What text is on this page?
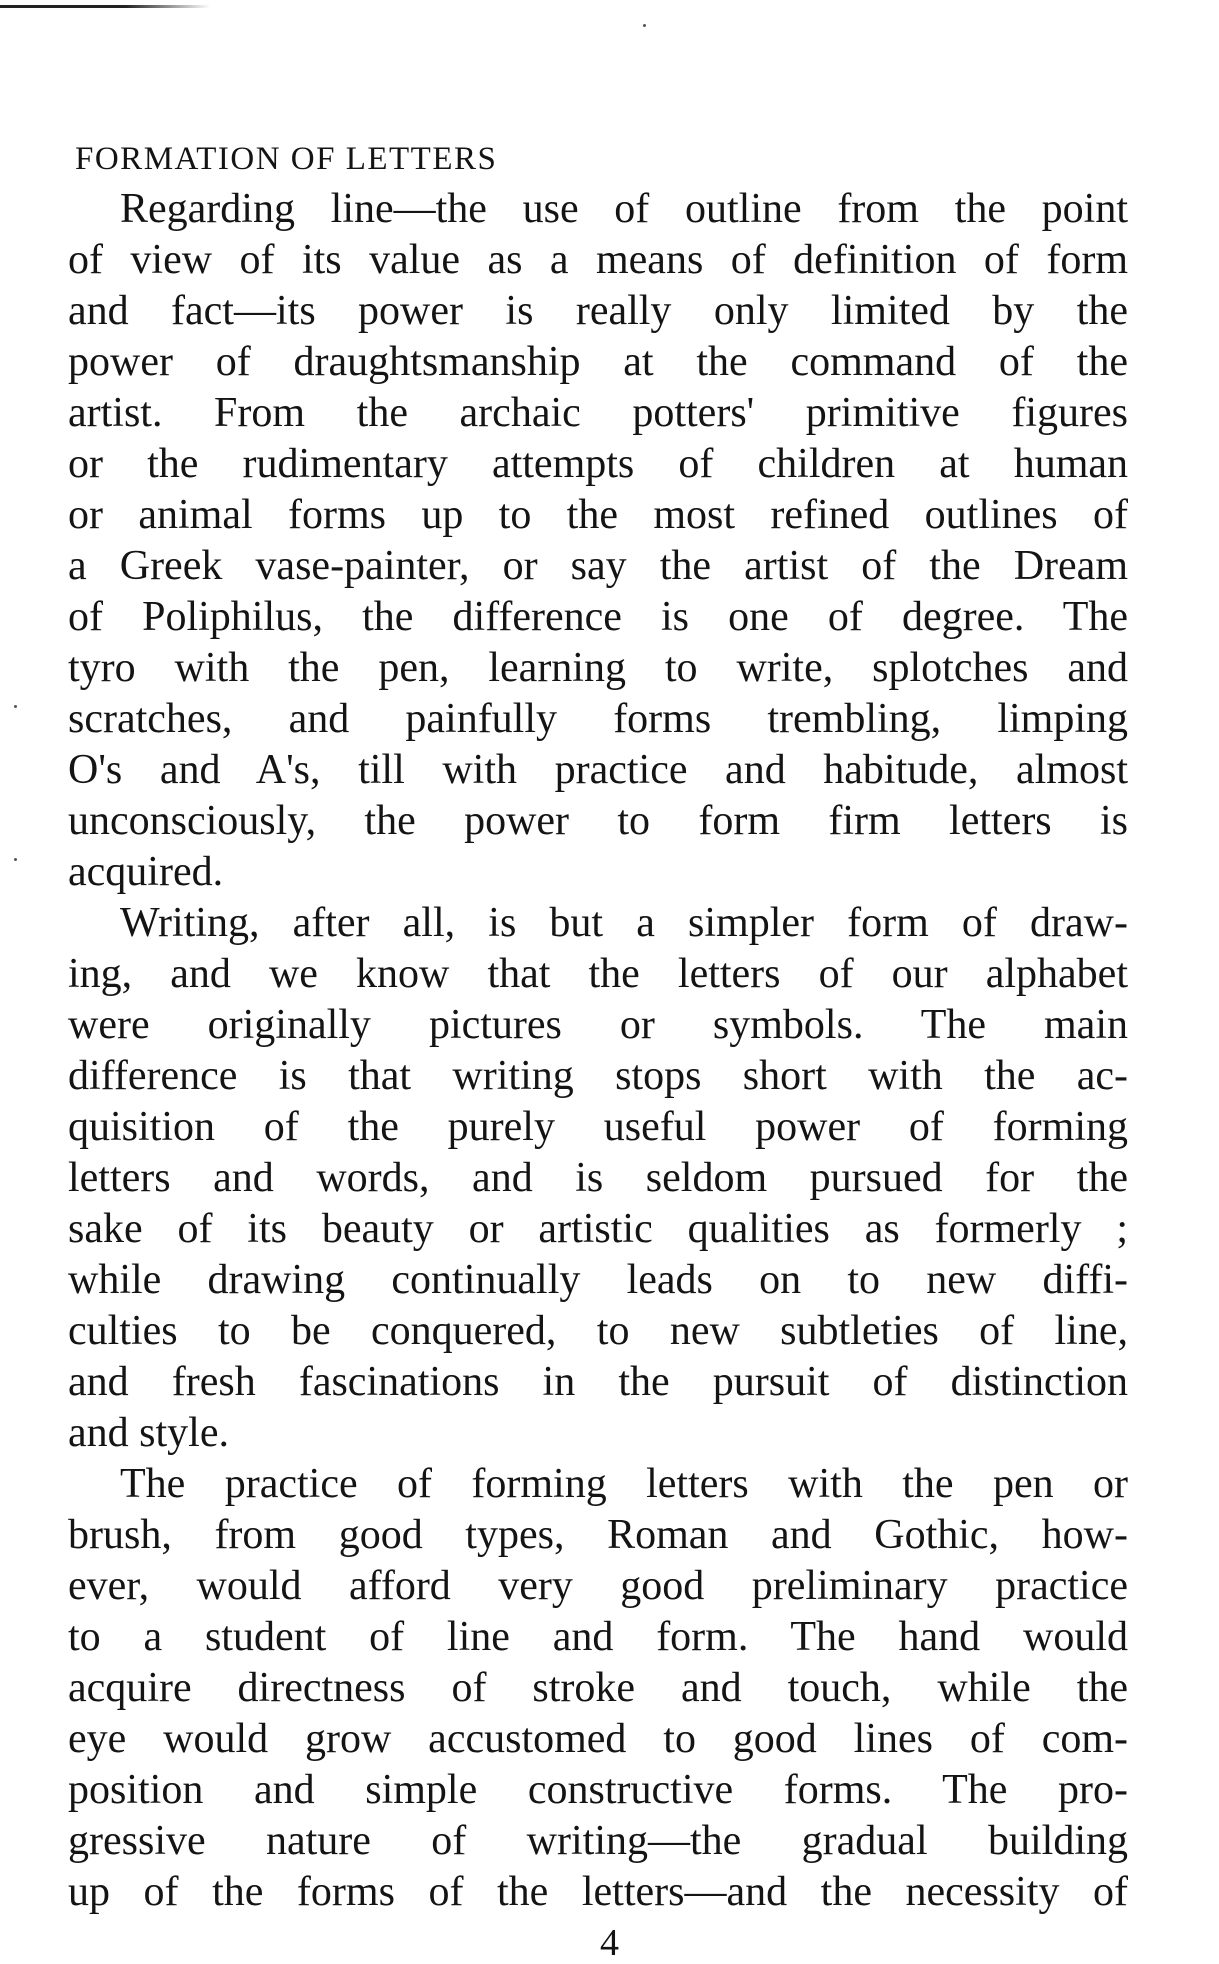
FORMATION OF LETTERS
Regarding line—the use of outline from the point
of view of its value as a means of definition of form
and fact—its power is really only limited by the
power of draughtsmanship at the command of the
artist. From the archaic potters' primitive figures
or the rudimentary attempts of children at human
or animal forms up to the most refined outlines of
a Greek vase-painter, or say the artist of the Dream
of Poliphilus, the difference is one of degree. The
tyro with the pen, learning to write, splotches and
scratches, and painfully forms trembling, limping
O's and A's, till with practice and habitude, almost
unconsciously, the power to form firm letters is
acquired.
Writing, after all, is but a simpler form of draw-
ing, and we know that the letters of our alphabet
were originally pictures or symbols. The main
difference is that writing stops short with the ac-
quisition of the purely useful power of forming
letters and words, and is seldom pursued for the
sake of its beauty or artistic qualities as formerly ;
while drawing continually leads on to new diffi-
culties to be conquered, to new subtleties of line,
and fresh fascinations in the pursuit of distinction
and style.
The practice of forming letters with the pen or
brush, from good types, Roman and Gothic, how-
ever, would afford very good preliminary practice
to a student of line and form. The hand would
acquire directness of stroke and touch, while the
eye would grow accustomed to good lines of com-
position and simple constructive forms. The pro-
gressive nature of writing—the gradual building
up of the forms of the letters—and the necessity of
4
